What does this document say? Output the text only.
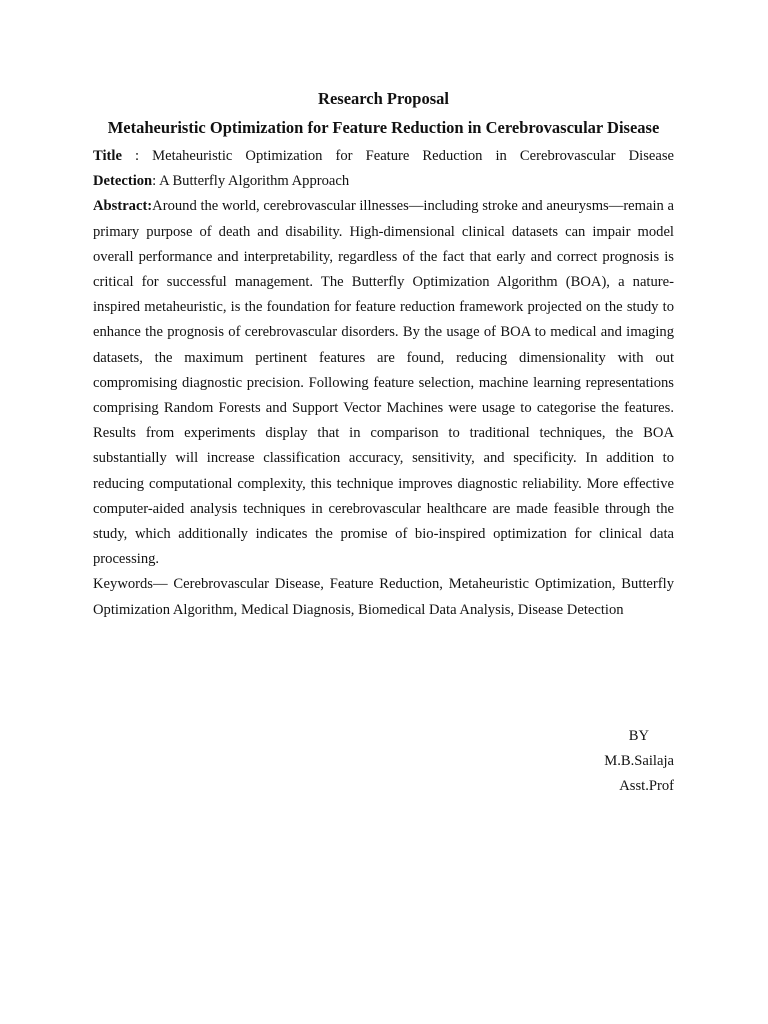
Research Proposal

Metaheuristic Optimization for Feature Reduction in Cerebrovascular Disease

Title : Metaheuristic Optimization for Feature Reduction in Cerebrovascular Disease
Detection: A Butterfly Algorithm Approach

Abstract:Around the world, cerebrovascular illnesses—including stroke and aneurysms—remain a primary purpose of death and disability. High-dimensional clinical datasets can impair model overall performance and interpretability, regardless of the fact that early and correct prognosis is critical for successful management. The Butterfly Optimization Algorithm (BOA), a nature-inspired metaheuristic, is the foundation for feature reduction framework projected on the study to enhance the prognosis of cerebrovascular disorders. By the usage of BOA to medical and imaging datasets, the maximum pertinent features are found, reducing dimensionality with out compromising diagnostic precision. Following feature selection, machine learning representations comprising Random Forests and Support Vector Machines were usage to categorise the features. Results from experiments display that in comparison to traditional techniques, the BOA substantially will increase classification accuracy, sensitivity, and specificity. In addition to reducing computational complexity, this technique improves diagnostic reliability. More effective computer-aided analysis techniques in cerebrovascular healthcare are made feasible through the study, which additionally indicates the promise of bio-inspired optimization for clinical data processing.

Keywords— Cerebrovascular Disease, Feature Reduction, Metaheuristic Optimization, Butterfly Optimization Algorithm, Medical Diagnosis, Biomedical Data Analysis, Disease Detection

BY
M.B.Sailaja
Asst.Prof
